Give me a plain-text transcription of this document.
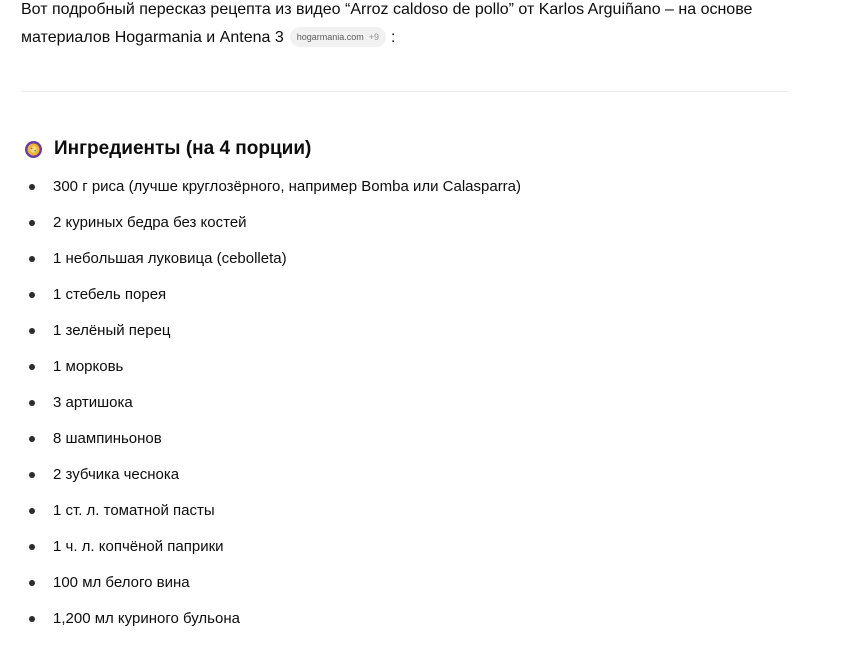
Вот подробный пересказ рецепта из видео “Arroz caldoso de pollo” от Karlos Arguiñano – на основе
материалов Hogarmania и Antena 3 hogarmania.com +9 :
Ингредиенты (на 4 порции)
300 г риса (лучше круглозёрного, например Bomba или Calasparra)
2 куриных бедра без костей
1 небольшая луковица (cebolleta)
1 стебель порея
1 зелёный перец
1 морковь
3 артишока
8 шампиньонов
2 зубчика чеснока
1 ст. л. томатной пасты
1 ч. л. копчёной паприки
100 мл белого вина
1,200 мл куриного бульона
